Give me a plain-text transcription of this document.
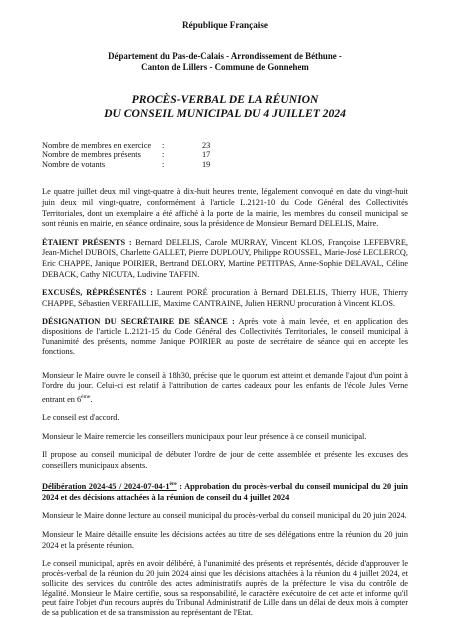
République Française
Département du Pas-de-Calais - Arrondissement de Béthune -
Canton de Lillers - Commune de Gonnehem
PROCÈS-VERBAL DE LA RÉUNION
DU CONSEIL MUNICIPAL DU 4 JUILLET 2024
Nombre de membres en exercice	:	23
Nombre de membres présents	:	17
Nombre de votants	:	19

Le quatre juillet deux mil vingt-quatre à dix-huit heures trente, légalement convoqué en date du vingt-huit juin deux mil vingt-quatre, conformément à l'article L.2121-10 du Code Général des Collectivités Territoriales, dont un exemplaire a été affiché à la porte de la mairie, les membres du conseil municipal se sont réunis en mairie, en séance ordinaire, sous la présidence de Monsieur Bernard DELELIS, Maire.

ÉTAIENT PRÉSENTS : Bernard DELELIS, Carole MURRAY, Vincent KLOS, Françoise LEFEBVRE, Jean-Michel DUBOIS, Charlette GALLET, Pierre DUPLOUY, Philippe ROUSSEL, Marie-José LECLERCQ, Eric CHAPPE, Janique POIRIER, Bertrand DELORY, Martine PETITPAS, Anne-Sophie DELAVAL, Céline DEBACK, Cathy NICUTA, Ludivine TAFFIN.

EXCUSÉS, RÉPRÉSENTÉS : Laurent PORÉ procuration à Bernard DELELIS, Thierry HUE, Thierry CHAPPE, Sébastien VERFAILLIE, Maxime CANTRAINE, Julien HERNU procuration à Vincent KLOS.

DÉSIGNATION DU SECRÉTAIRE DE SÉANCE : Après vote à main levée, et en application des dispositions de l'article L.2121-15 du Code Général des Collectivités Territoriales, le conseil municipal à l'unanimité des présents, nomme Janique POIRIER au poste de secrétaire de séance qui en accepte les fonctions.

Monsieur le Maire ouvre le conseil à 18h30, précise que le quorum est atteint et demande l'ajout d'un point à l'ordre du jour. Celui-ci est relatif à l'attribution de cartes cadeaux pour les enfants de l'école Jules Verne entrant en 6ème.

Le conseil est d'accord.

Monsieur le Maire remercie les conseillers municipaux pour leur présence à ce conseil municipal.

Il propose au conseil municipal de débuter l'ordre de jour de cette assemblée et présente les excuses des conseillers municipaux absents.

Délibération 2024-45 / 2024-07-04-1ère : Approbation du procès-verbal du conseil municipal du 20 juin 2024 et des décisions attachées à la réunion de conseil du 4 juillet 2024

Monsieur le Maire donne lecture au conseil municipal du procès-verbal du conseil municipal du 20 juin 2024.

Monsieur le Maire détaille ensuite les décisions actées au titre de ses délégations entre la réunion du 20 juin 2024 et la présente réunion.

Le conseil municipal, après en avoir délibéré, à l'unanimité des présents et représentés, décide d'approuver le procès-verbal de la réunion du 20 juin 2024 ainsi que les décisions attachées à la réunion du 4 juillet 2024, et sollicite des services du contrôle des actes administratifs auprès de la préfecture le visa du contrôle de légalité. Monsieur le Maire certifie, sous sa responsabilité, le caractère exécutoire de cet acte et informe qu'il peut faire l'objet d'un recours auprès du Tribunal Administratif de Lille dans un délai de deux mois à compter de sa publication et de sa transmission au représentant de l'Etat.
